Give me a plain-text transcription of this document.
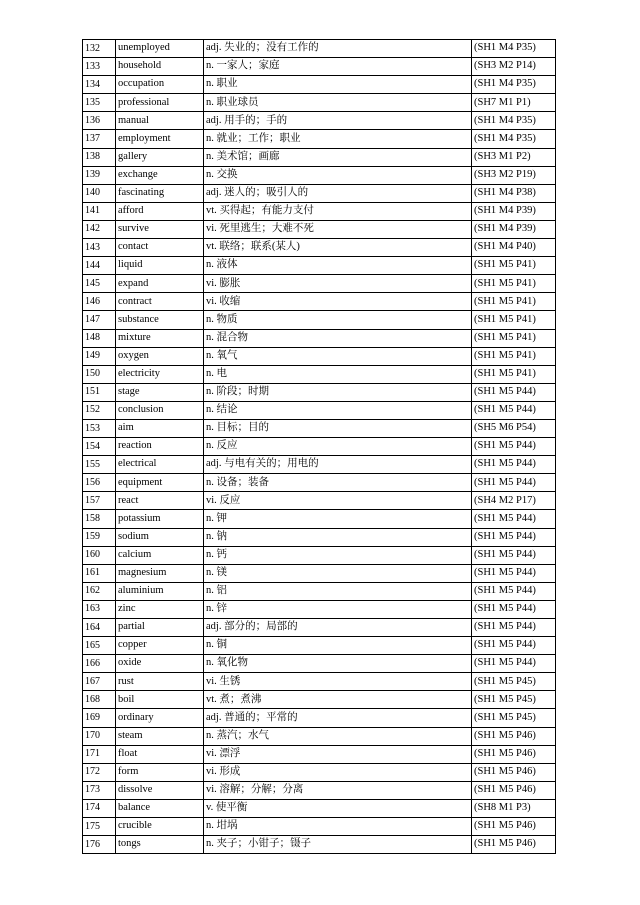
132	unemployed	adj. 失业的；没有工作的	(SH1 M4 P35)
133	household	n. 一家人；家庭	(SH3 M2 P14)
134	occupation	n. 职业	(SH1 M4 P35)
135	professional	n. 职业球员	(SH7 M1 P1)
136	manual	adj. 用手的；手的	(SH1 M4 P35)
137	employment	n. 就业；工作；职业	(SH1 M4 P35)
138	gallery	n. 美术馆；画廊	(SH3 M1 P2)
139	exchange	n. 交换	(SH3 M2 P19)
140	fascinating	adj. 迷人的；吸引人的	(SH1 M4 P38)
141	afford	vt. 买得起；有能力支付	(SH1 M4 P39)
142	survive	vi. 死里逃生；大难不死	(SH1 M4 P39)
143	contact	vt. 联络；联系(某人)	(SH1 M4 P40)
144	liquid	n. 液体	(SH1 M5 P41)
145	expand	vi. 膨胀	(SH1 M5 P41)
146	contract	vi. 收缩	(SH1 M5 P41)
147	substance	n. 物质	(SH1 M5 P41)
148	mixture	n. 混合物	(SH1 M5 P41)
149	oxygen	n. 氧气	(SH1 M5 P41)
150	electricity	n. 电	(SH1 M5 P41)
151	stage	n. 阶段；时期	(SH1 M5 P44)
152	conclusion	n. 结论	(SH1 M5 P44)
153	aim	n. 目标；目的	(SH5 M6 P54)
154	reaction	n. 反应	(SH1 M5 P44)
155	electrical	adj. 与电有关的；用电的	(SH1 M5 P44)
156	equipment	n. 设备；装备	(SH1 M5 P44)
157	react	vi. 反应	(SH4 M2 P17)
158	potassium	n. 钾	(SH1 M5 P44)
159	sodium	n. 钠	(SH1 M5 P44)
160	calcium	n. 钙	(SH1 M5 P44)
161	magnesium	n. 镁	(SH1 M5 P44)
162	aluminium	n. 铝	(SH1 M5 P44)
163	zinc	n. 锌	(SH1 M5 P44)
164	partial	adj. 部分的；局部的	(SH1 M5 P44)
165	copper	n. 铜	(SH1 M5 P44)
166	oxide	n. 氧化物	(SH1 M5 P44)
167	rust	vi. 生锈	(SH1 M5 P45)
168	boil	vt. 煮；煮沸	(SH1 M5 P45)
169	ordinary	adj. 普通的；平常的	(SH1 M5 P45)
170	steam	n. 蒸汽；水气	(SH1 M5 P46)
171	float	vi. 漂浮	(SH1 M5 P46)
172	form	vi. 形成	(SH1 M5 P46)
173	dissolve	vi. 溶解；分解；分离	(SH1 M5 P46)
174	balance	v. 使平衡	(SH8 M1 P3)
175	crucible	n. 坩埚	(SH1 M5 P46)
176	tongs	n. 夹子；小钳子；镊子	(SH1 M5 P46)
